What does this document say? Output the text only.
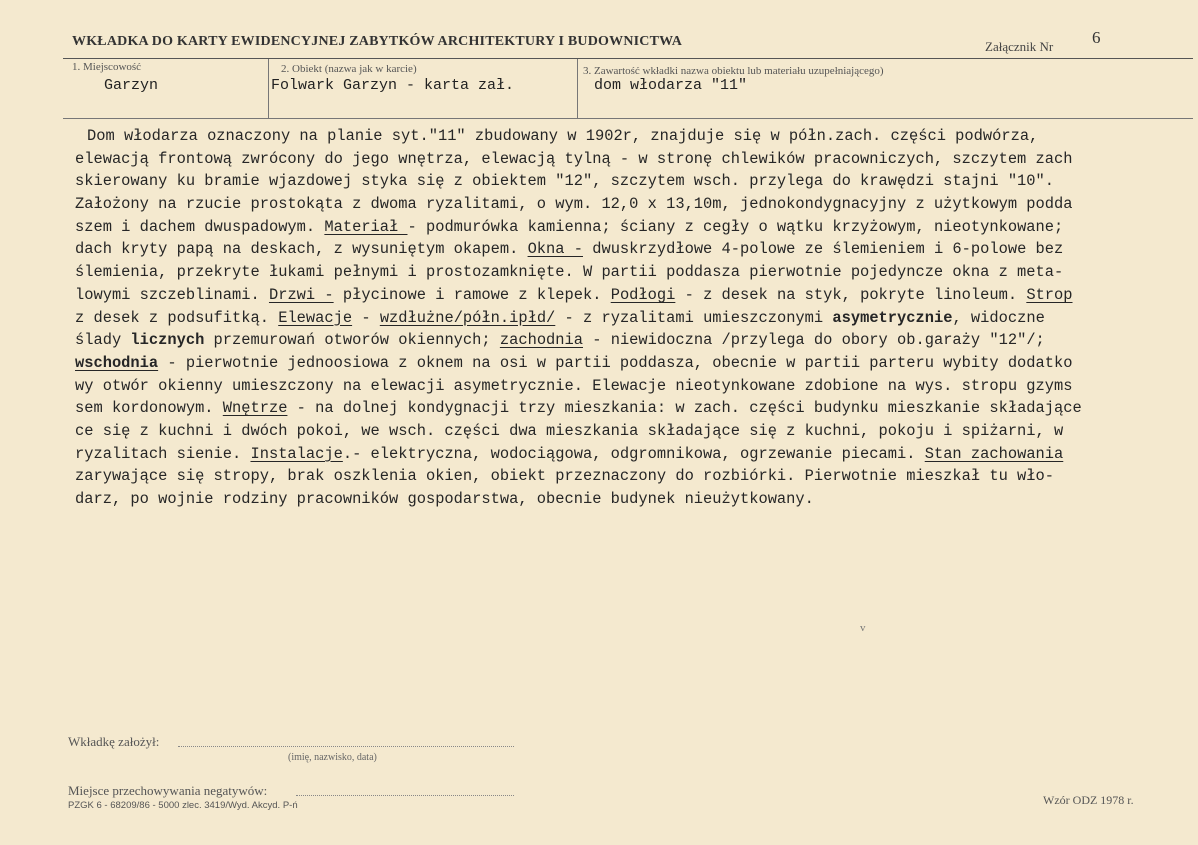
WKŁADKA DO KARTY EWIDENCYJNEJ ZABYTKÓW ARCHITEKTURY I BUDOWNICTWA	Załącznik Nr 6
1. Miejscowość
Garzyn
2. Obiekt (nazwa jak w karcie)
Folwark Garzyn - karta zał.
3. Zawartość wkładki nazwa obiektu lub materiału uzupełniającego)
dom włodarza "11"
Dom włodarza oznaczony na planie syt."11" zbudowany w 1902r, znajduje się w półn.zach. części podwórza,
elewacją frontową zwrócony do jego wnętrza, elewacją tylną - w stronę chlewików pracowniczych, szczytem zach
skierowany ku bramie wjazdowej styka się z obiektem "12", szczytem wsch. przylega do krawędzi stajni "10".
Założony na rzucie prostokąta z dwoma ryzalitami, o wym. 12,0 x 13,10m, jednokondygnacyjny z użytkowym podda
szem i dachem dwuspadowym. Materiał - podmurówka kamienna; ściany z cegły o wątku krzyżowym, nieotynkowane;
dach kryty papą na deskach, z wysuniętym okapem. Okna - dwuskrzydłowe 4-polowe ze ślemieniem i 6-polowe bez
ślemienia, przekryte łukami pełnymi i prostozamknięte. W partii poddasza pierwotnie pojedyncze okna z meta-
lowymi szczeblinami. Drzwi - płycinowe i ramowe z klepek. Podłogi - z desek na styk, pokryte linoleum. Strop
z desek z podsufitką. Elewacje - wzdłużne/półn.ipłd/ - z ryzalitami umieszczonymi asymetrycznie, widoczne
ślady licznych przemurowań otworów okiennych; zachodnia - niewidoczna /przylega do obory ob.garaży "12"/;
wschodnia - pierwotnie jednoosiowa z oknem na osi w partii poddasza, obecnie w partii parteru wybity dodatko
wy otwór okienny umieszczony na elewacji asymetrycznie. Elewacje nieotynkowane zdobione na wys. stropu gzyms
sem kordonowym. Wnętrze - na dolnej kondygnacji trzy mieszkania: w zach. części budynku mieszkanie składające
ce się z kuchni i dwóch pokoi, we wsch. części dwa mieszkania składające się z kuchni, pokoju i spiżarni, w
ryzalitach sienie. Instalacje.- elektryczna, wodociągowa, odgromnikowa, ogrzewanie piecami. Stan zachowania
zarywające się stropy, brak oszklenia okien, obiekt przeznaczony do rozbiórki. Pierwotnie mieszkał tu wło-
darz, po wojnie rodziny pracowników gospodarstwa, obecnie budynek nieużytkowany.
v
Wkładkę założył:
(imię, nazwisko, data)
Miejsce przechowywania negatywów:
PZGK 6 - 68209/86 - 5000 zlec. 3419/Wyd. Akcyd. P-ń	Wzór ODZ 1978 r.
